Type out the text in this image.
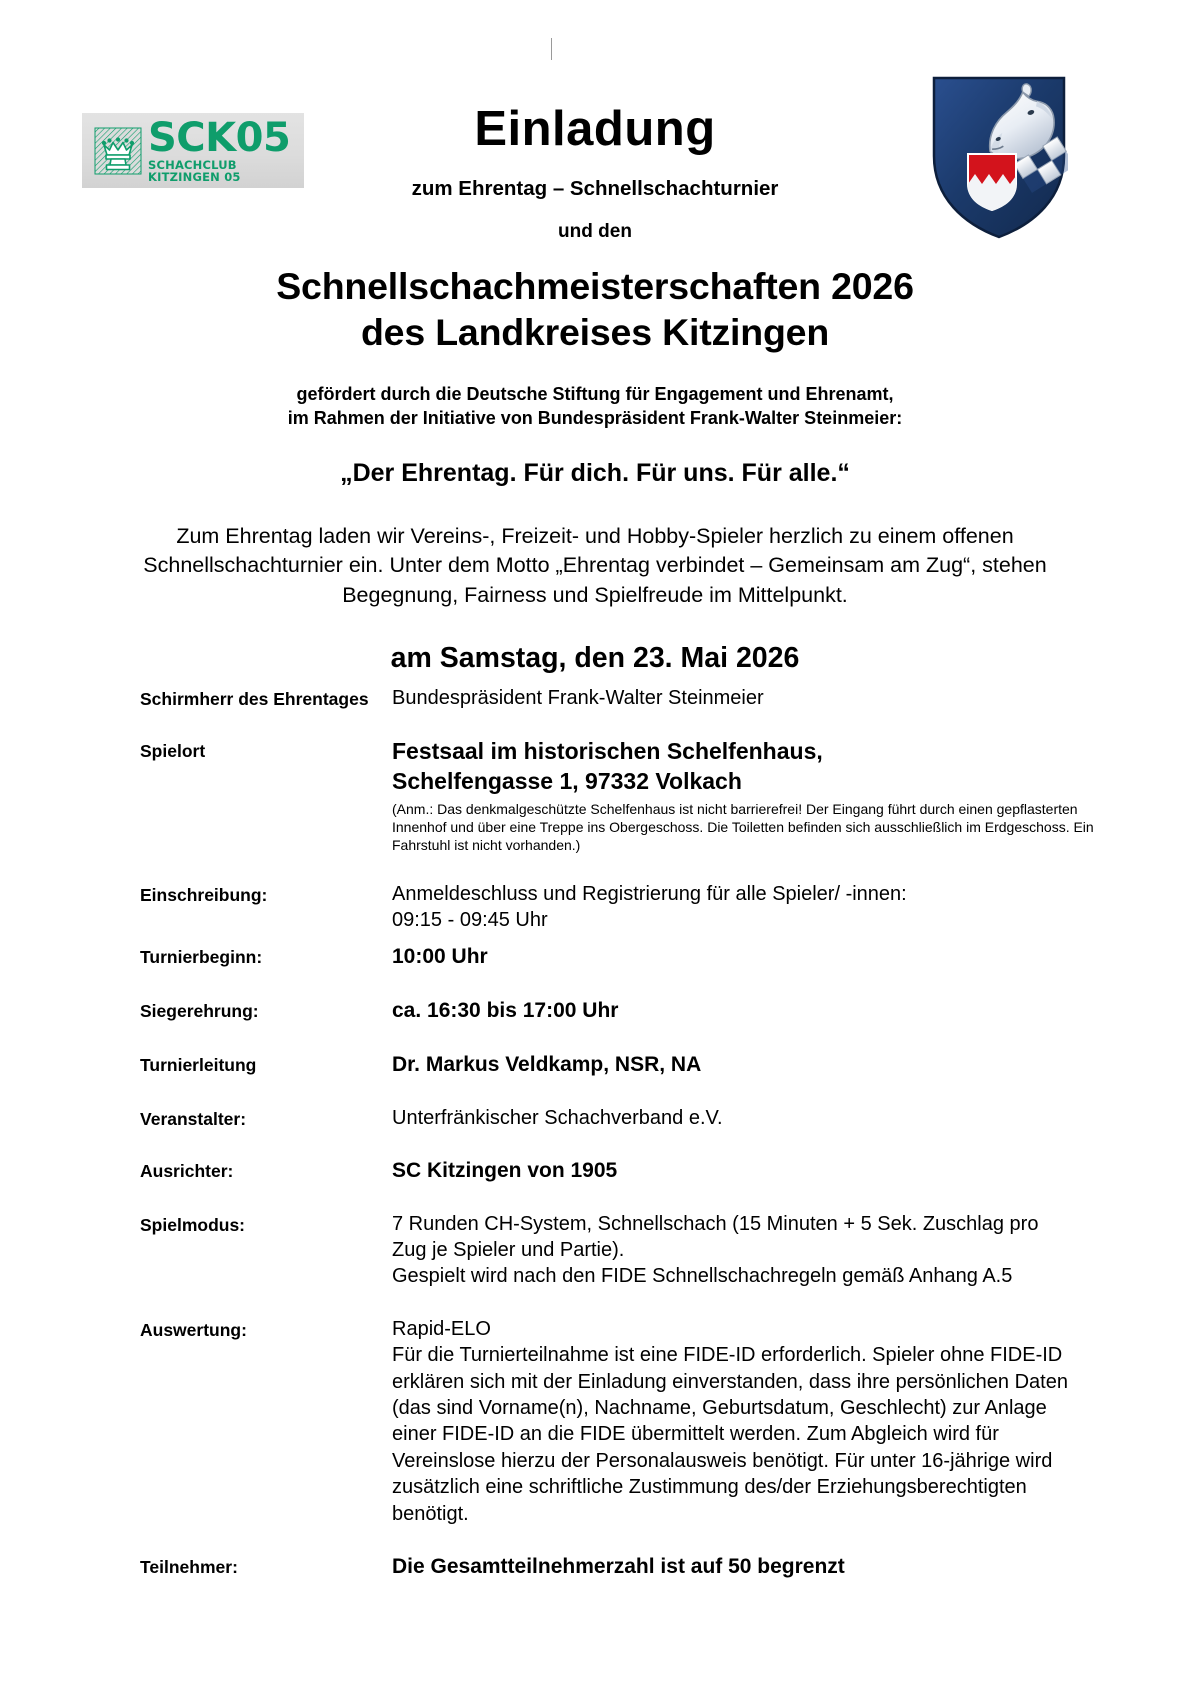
SCK05
SCHACHCLUB KITZINGEN 05
Einladung
zum Ehrentag – Schnellschachturnier
und den
Schnellschachmeisterschaften 2026
des Landkreises Kitzingen
gefördert durch die Deutsche Stiftung für Engagement und Ehrenamt,
im Rahmen der Initiative von Bundespräsident Frank-Walter Steinmeier:
„Der Ehrentag. Für dich. Für uns. Für alle.“

Zum Ehrentag laden wir Vereins-, Freizeit- und Hobby-Spieler herzlich zu einem offenen Schnellschachturnier ein. Unter dem Motto „Ehrentag verbindet – Gemeinsam am Zug“, stehen Begegnung, Fairness und Spielfreude im Mittelpunkt.

am Samstag, den 23. Mai 2026
Schirmherr des Ehrentages	Bundespräsident Frank-Walter Steinmeier
Spielort	Festsaal im historischen Schelfenhaus,
Schelfengasse 1, 97332 Volkach
(Anm.: Das denkmalgeschützte Schelfenhaus ist nicht barrierefrei! Der Eingang führt durch einen gepflasterten Innenhof und über eine Treppe ins Obergeschoss. Die Toiletten befinden sich ausschließlich im Erdgeschoss. Ein Fahrstuhl ist nicht vorhanden.)
Einschreibung:	Anmeldeschluss und Registrierung für alle Spieler/ -innen:
09:15 - 09:45 Uhr
Turnierbeginn:	10:00 Uhr
Siegerehrung:	ca. 16:30 bis 17:00 Uhr
Turnierleitung	Dr. Markus Veldkamp, NSR, NA
Veranstalter:	Unterfränkischer Schachverband e.V.
Ausrichter:	SC Kitzingen von 1905
Spielmodus:	7 Runden CH-System, Schnellschach (15 Minuten + 5 Sek. Zuschlag pro
Zug je Spieler und Partie).
Gespielt wird nach den FIDE Schnellschachregeln gemäß Anhang A.5
Auswertung:	Rapid-ELO
Für die Turnierteilnahme ist eine FIDE-ID erforderlich. Spieler ohne FIDE-ID erklären sich mit der Einladung einverstanden, dass ihre persönlichen Daten (das sind Vorname(n), Nachname, Geburtsdatum, Geschlecht) zur Anlage einer FIDE-ID an die FIDE übermittelt werden. Zum Abgleich wird für Vereinslose hierzu der Personalausweis benötigt. Für unter 16-jährige wird zusätzlich eine schriftliche Zustimmung des/der Erziehungsberechtigten benötigt.
Teilnehmer:	Die Gesamtteilnehmerzahl ist auf 50 begrenzt
